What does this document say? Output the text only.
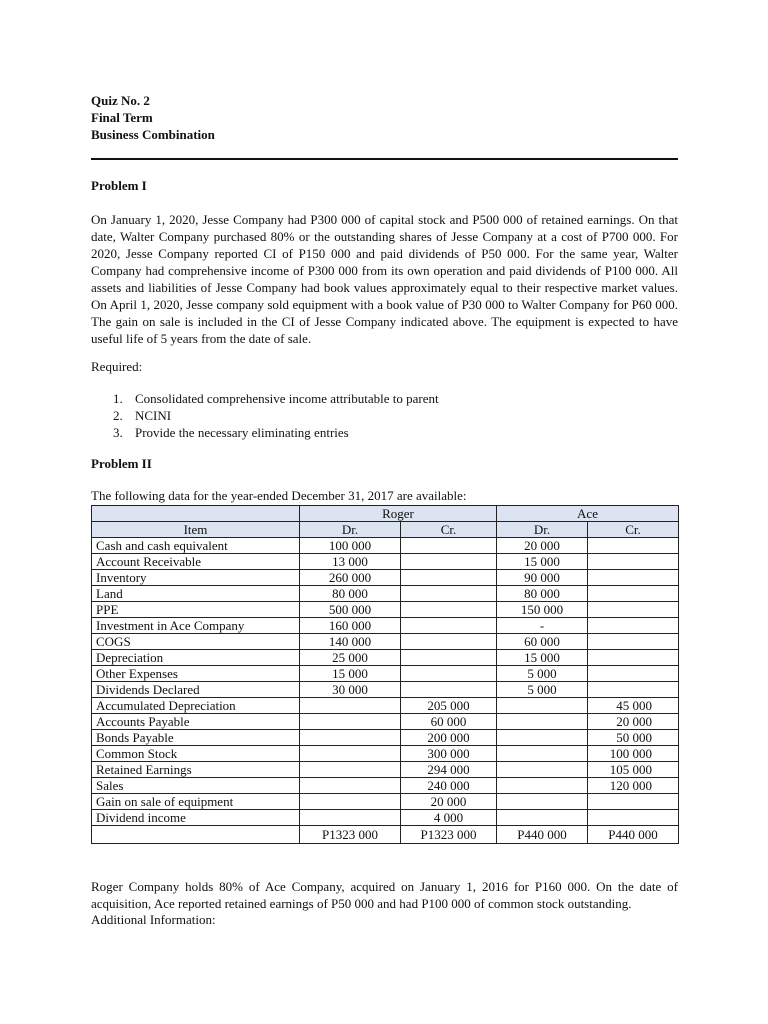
Quiz No. 2
Final Term
Business Combination
Problem I

On January 1, 2020, Jesse Company had P300 000 of capital stock and P500 000 of retained earnings. On that date, Walter Company purchased 80% or the outstanding shares of Jesse Company at a cost of P700 000. For 2020, Jesse Company reported CI of P150 000 and paid dividends of P50 000. For the same year, Walter Company had comprehensive income of P300 000 from its own operation and paid dividends of P100 000. All assets and liabilities of Jesse Company had book values approximately equal to their respective market values. On April 1, 2020, Jesse company sold equipment with a book value of P30 000 to Walter Company for P60 000. The gain on sale is included in the CI of Jesse Company indicated above. The equipment is expected to have useful life of 5 years from the date of sale.

Required:
1. Consolidated comprehensive income attributable to parent
2. NCINI
3. Provide the necessary eliminating entries
Problem II
The following data for the year-ended December 31, 2017 are available:
	Roger		Ace	
Item	Dr.	Cr.	Dr.	Cr.
Cash and cash equivalent	100 000		20 000	
Account Receivable	13 000		15 000	
Inventory	260 000		90 000	
Land	80 000		80 000	
PPE	500 000		150 000	
Investment in Ace Company	160 000		-	
COGS	140 000		60 000	
Depreciation	25 000		15 000	
Other Expenses	15 000		5 000	
Dividends Declared	30 000		5 000	
Accumulated Depreciation		205 000		45 000
Accounts Payable		60 000		20 000
Bonds Payable		200 000		50 000
Common Stock		300 000		100 000
Retained Earnings		294 000		105 000
Sales		240 000		120 000
Gain on sale of equipment		20 000		
Dividend income		4 000		
	P1323 000	P1323 000	P440 000	P440 000

Roger Company holds 80% of Ace Company, acquired on January 1, 2016 for P160 000. On the date of acquisition, Ace reported retained earnings of P50 000 and had P100 000 of common stock outstanding.

Additional Information:
